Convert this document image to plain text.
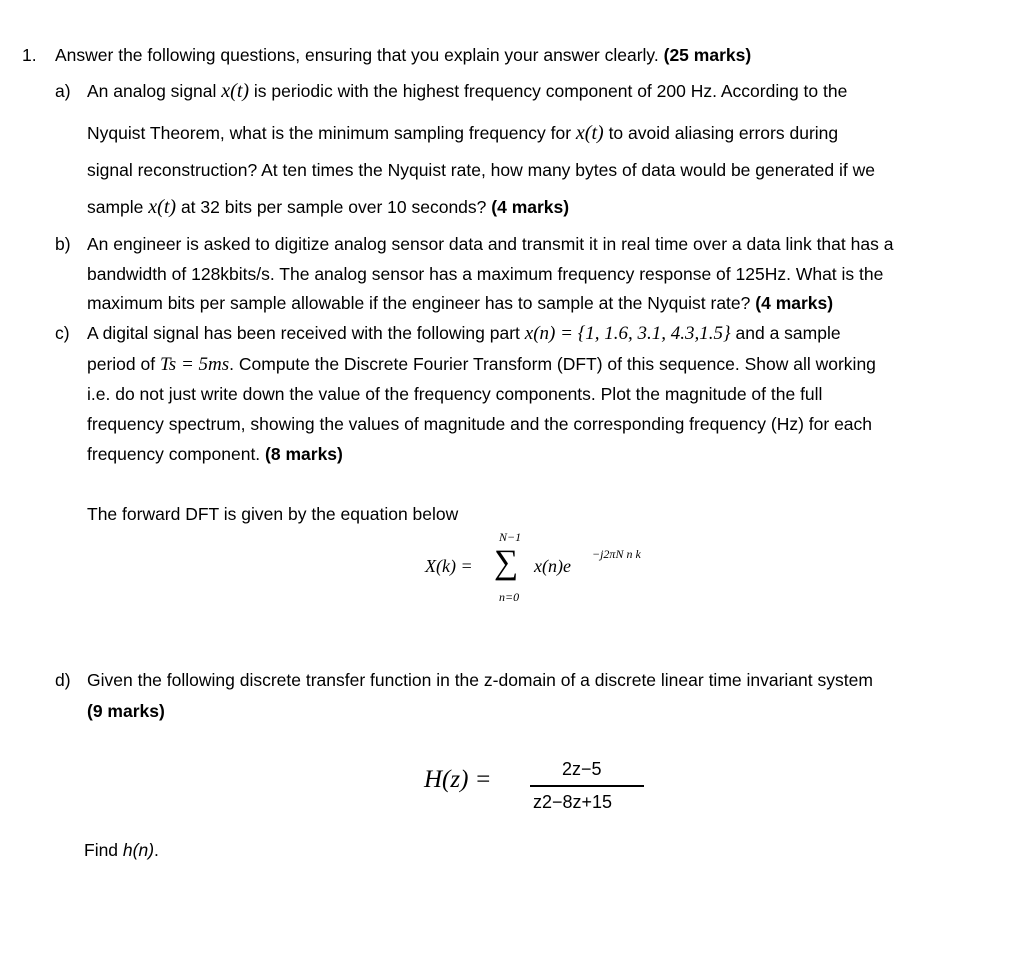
1. Answer the following questions, ensuring that you explain your answer clearly. (25 marks)
a) An analog signal x(t) is periodic with the highest frequency component of 200 Hz. According to the
Nyquist Theorem, what is the minimum sampling frequency for x(t) to avoid aliasing errors during
signal reconstruction? At ten times the Nyquist rate, how many bytes of data would be generated if we
sample x(t) at 32 bits per sample over 10 seconds? (4 marks)
b) An engineer is asked to digitize analog sensor data and transmit it in real time over a data link that has a
bandwidth of 128kbits/s. The analog sensor has a maximum frequency response of 125Hz. What is the
maximum bits per sample allowable if the engineer has to sample at the Nyquist rate? (4 marks)
c) A digital signal has been received with the following part x(n) = {1, 1.6, 3.1, 4.3,1.5} and a sample
period of Ts = 5ms. Compute the Discrete Fourier Transform (DFT) of this sequence. Show all working
i.e. do not just write down the value of the frequency components. Plot the magnitude of the full
frequency spectrum, showing the values of magnitude and the corresponding frequency (Hz) for each
frequency component. (8 marks)
The forward DFT is given by the equation below
X(k) =
N−1
∑
n=0
x(n)e
−j2πN n k
d) Given the following discrete transfer function in the z-domain of a discrete linear time invariant system
(9 marks)
H(z) =	2z−5
z2−8z+15
Find h(n).
